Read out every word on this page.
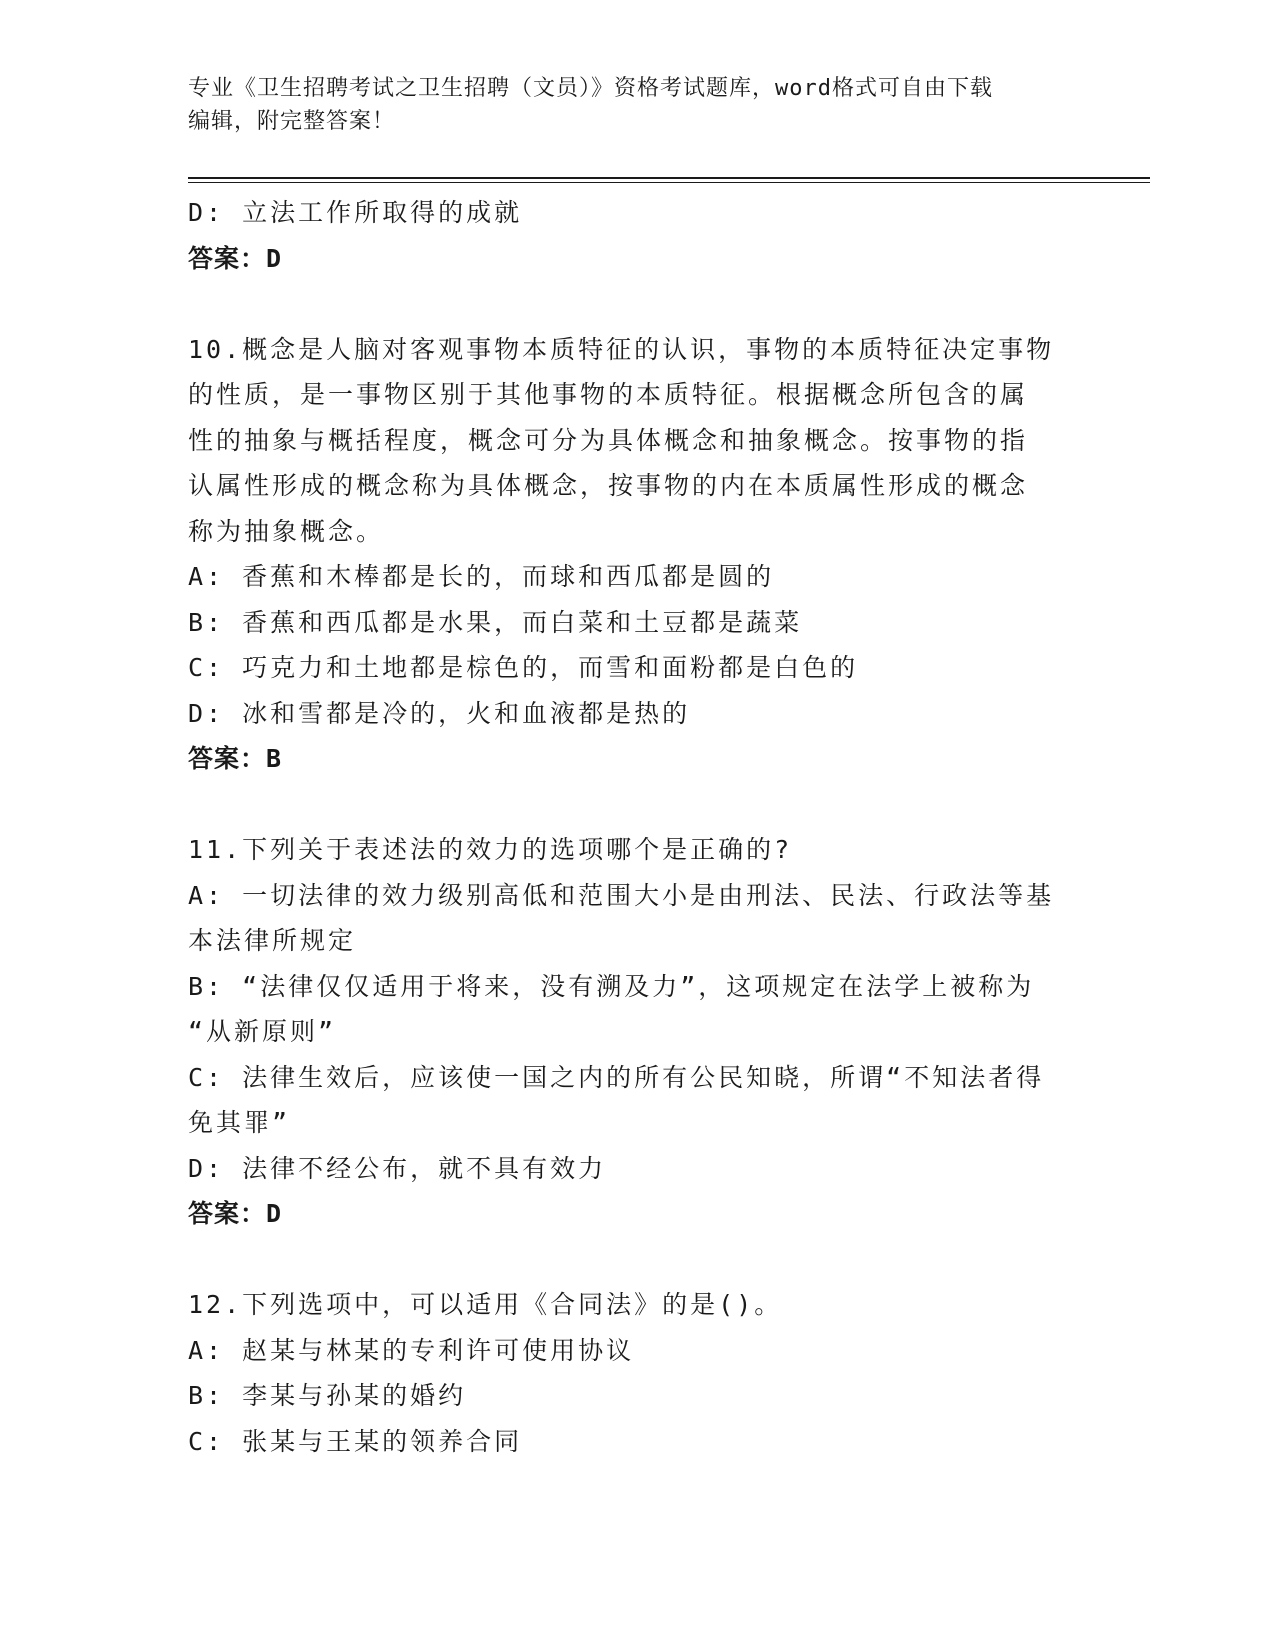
专业《卫生招聘考试之卫生招聘（文员）》资格考试题库，word格式可自由下载
编辑，附完整答案！
D: 立法工作所取得的成就
答案：D
10.概念是人脑对客观事物本质特征的认识，事物的本质特征决定事物
的性质，是一事物区别于其他事物的本质特征。根据概念所包含的属
性的抽象与概括程度，概念可分为具体概念和抽象概念。按事物的指
认属性形成的概念称为具体概念，按事物的内在本质属性形成的概念
称为抽象概念。
A: 香蕉和木棒都是长的，而球和西瓜都是圆的
B: 香蕉和西瓜都是水果，而白菜和土豆都是蔬菜
C: 巧克力和土地都是棕色的，而雪和面粉都是白色的
D: 冰和雪都是冷的，火和血液都是热的
答案：B
11.下列关于表述法的效力的选项哪个是正确的?
A: 一切法律的效力级别高低和范围大小是由刑法、民法、行政法等基
本法律所规定
B: “法律仅仅适用于将来，没有溯及力”，这项规定在法学上被称为
“从新原则”
C: 法律生效后，应该使一国之内的所有公民知晓，所谓“不知法者得
免其罪”
D: 法律不经公布，就不具有效力
答案：D
12.下列选项中，可以适用《合同法》的是()。
A: 赵某与林某的专利许可使用协议
B: 李某与孙某的婚约
C: 张某与王某的领养合同
